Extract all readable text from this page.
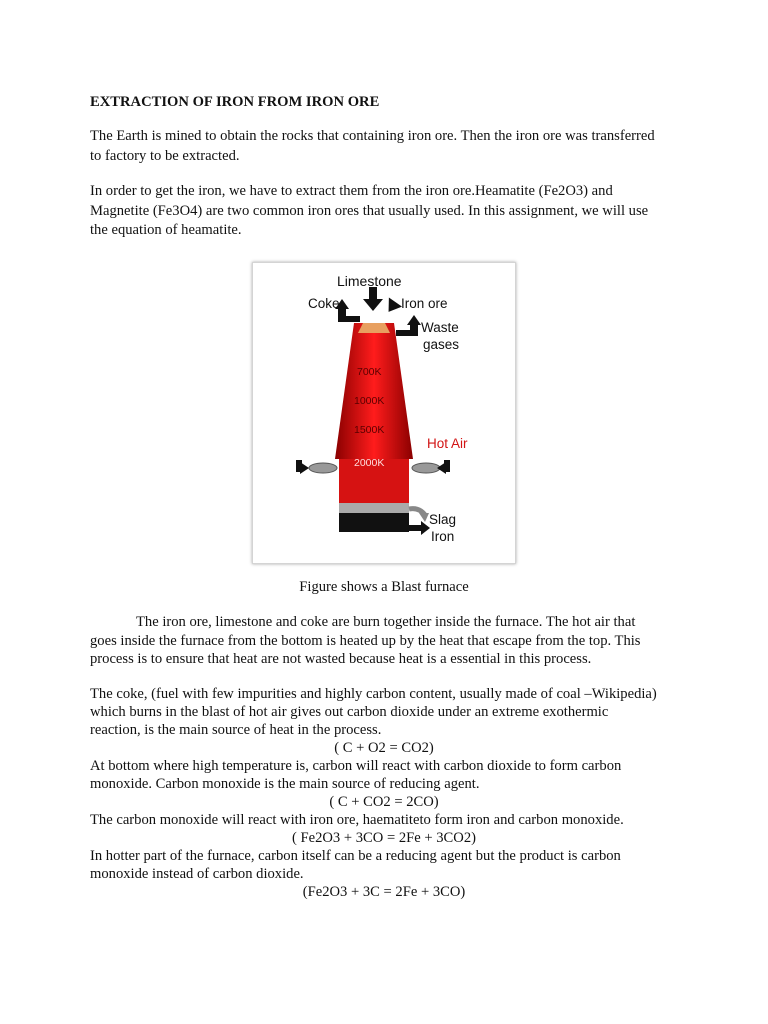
EXTRACTION OF IRON FROM IRON ORE
The Earth is mined to obtain the rocks that containing iron ore. Then the iron ore was transferred
to factory to be extracted.
In order to get the iron, we have to extract them from the iron ore.Heamatite (Fe2O3) and
Magnetite (Fe3O4) are two common iron ores that usually used. In this assignment, we will use
the equation of heamatite.
Limestone
Coke	Iron ore
Waste
gases
700K
1000K
1500K
2000K
Hot Air
Slag
Iron
Figure shows a Blast furnace
The iron ore, limestone and coke are burn together inside the furnace. The hot air that
goes inside the furnace from the bottom is heated up by the heat that escape from the top. This
process is to ensure that heat are not wasted because heat is a essential in this process.
The coke, (fuel with few impurities and highly carbon content, usually made of coal –Wikipedia)
which burns in the blast of hot air gives out carbon dioxide under an extreme exothermic
reaction, is the main source of heat in the process.
( C + O2 = CO2)
At bottom where high temperature is, carbon will react with carbon dioxide to form carbon
monoxide. Carbon monoxide is the main source of reducing agent.
( C + CO2 = 2CO)
The carbon monoxide will react with iron ore, haematiteto form iron and carbon monoxide.
( Fe2O3 + 3CO = 2Fe + 3CO2)
In hotter part of the furnace, carbon itself can be a reducing agent but the product is carbon
monoxide instead of carbon dioxide.
(Fe2O3 + 3C = 2Fe + 3CO)
